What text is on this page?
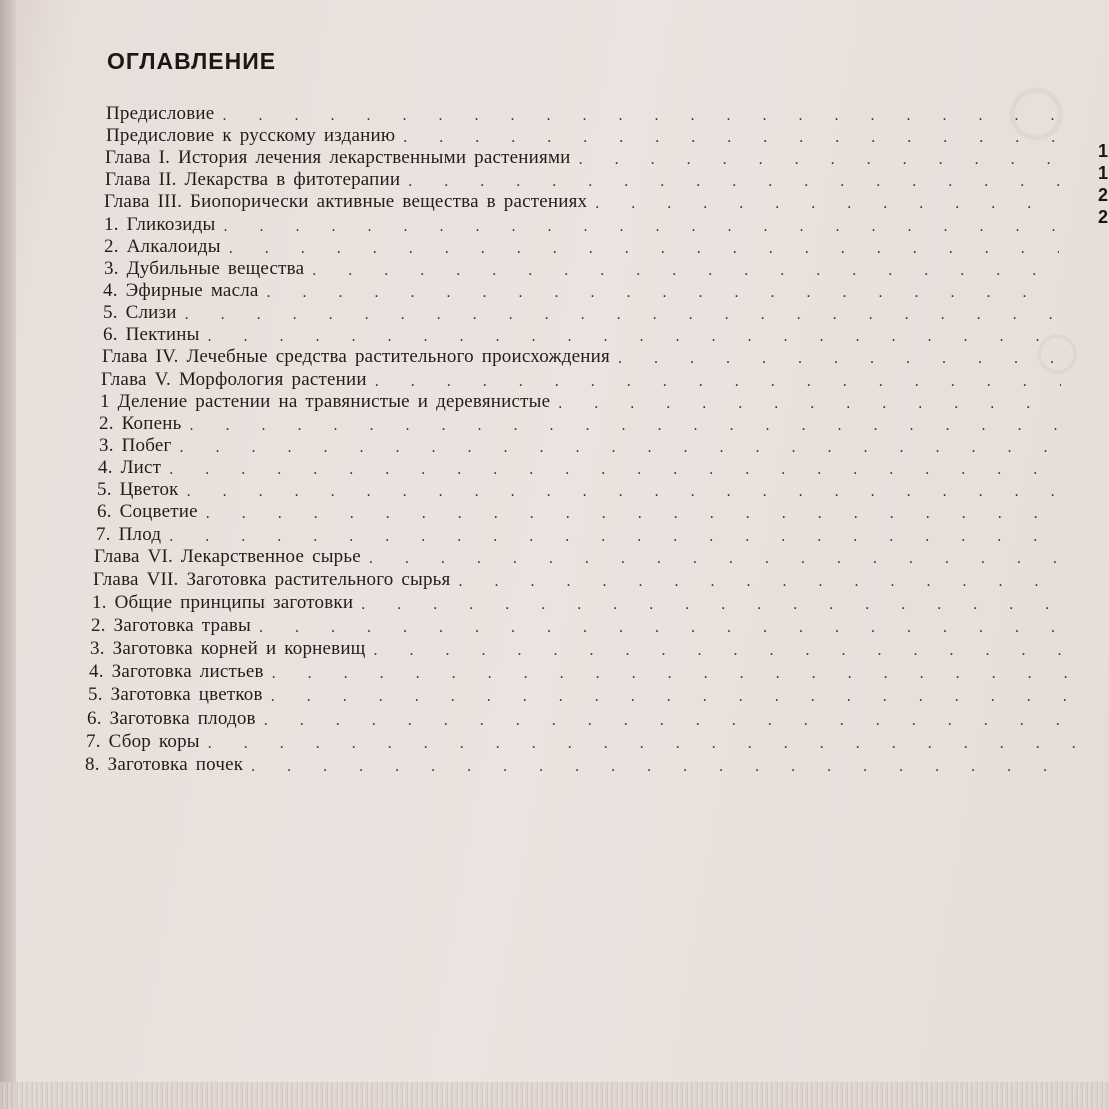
○
○
ОГЛАВЛЕНИЕ
Предисловие
. . .
Предисловие к русскому изданию
. . .
Глава I. История лечения лекарственными растениями
. . .
Глава II. Лекарства в фитотерапии
. . .
Глава III. Биопорически активные вещества в растениях
. . .
1. Гликозиды
. . .
2. Алкалоиды
. . .
3. Дубильные вещества
. . .
4. Эфирные масла
. . .
5. Слизи
. . .
6. Пектины
. . .
Глава IV. Лечебные средства растительного происхождения
. . .
Глава V. Морфология растении
. . .
1 Деление растении на травянистые и деревянистые
. . .
2. Копень
. . .
3. Побег
. . .
4. Лист
. . .
5. Цветок
. . .
6. Соцветие
. . .
7. Плод
. . .
Глава VI. Лекарственное сырье
. . .
Глава VII. Заготовка растительного сырья
. . .
1. Общие принципы заготовки
. . .
2. Заготовка травы
. . .
3. Заготовка корней и корневищ
. . .
4. Заготовка листьев
. . .
5. Заготовка цветков
. . .
6. Заготовка плодов
. . .
7. Сбор коры
. . .
8. Заготовка почек
. . .
1
1
2
2
